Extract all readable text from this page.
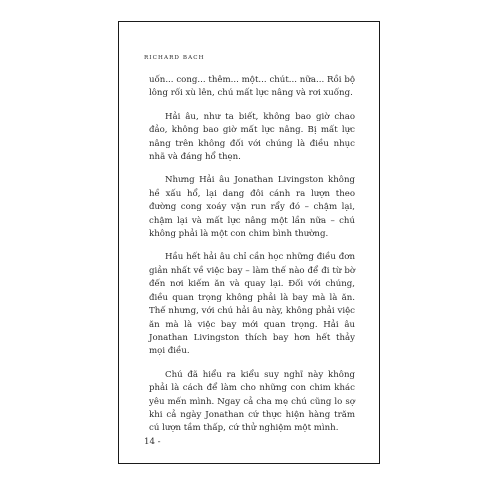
RICHARD BACH

uốn... cong... thêm... một... chút... nữa... Rồi bộ lông rối xù lên, chú mất lực nâng và rơi xuống.

Hải âu, như ta biết, không bao giờ chao đảo, không bao giờ mất lực nâng. Bị mất lực nâng trên không đối với chúng là điều nhục nhã và đáng hổ thẹn.

Nhưng Hải âu Jonathan Livingston không hề xấu hổ, lại dang đôi cánh ra lượn theo đường cong xoáy vặn run rẩy đó – chậm lại, chậm lại và mất lực nâng một lần nữa – chú không phải là một con chim bình thường.

Hầu hết hải âu chỉ cần học những điều đơn giản nhất về việc bay – làm thế nào để đi từ bờ đến nơi kiếm ăn và quay lại. Đối với chúng, điều quan trọng không phải là bay mà là ăn. Thế nhưng, với chú hải âu này, không phải việc ăn mà là việc bay mới quan trọng. Hải âu Jonathan Livingston thích bay hơn hết thảy mọi điều.

Chú đã hiểu ra kiểu suy nghĩ này không phải là cách để làm cho những con chim khác yêu mến mình. Ngay cả cha mẹ chú cũng lo sợ khi cả ngày Jonathan cứ thực hiện hàng trăm cú lượn tầm thấp, cứ thử nghiệm một mình.

14 -
